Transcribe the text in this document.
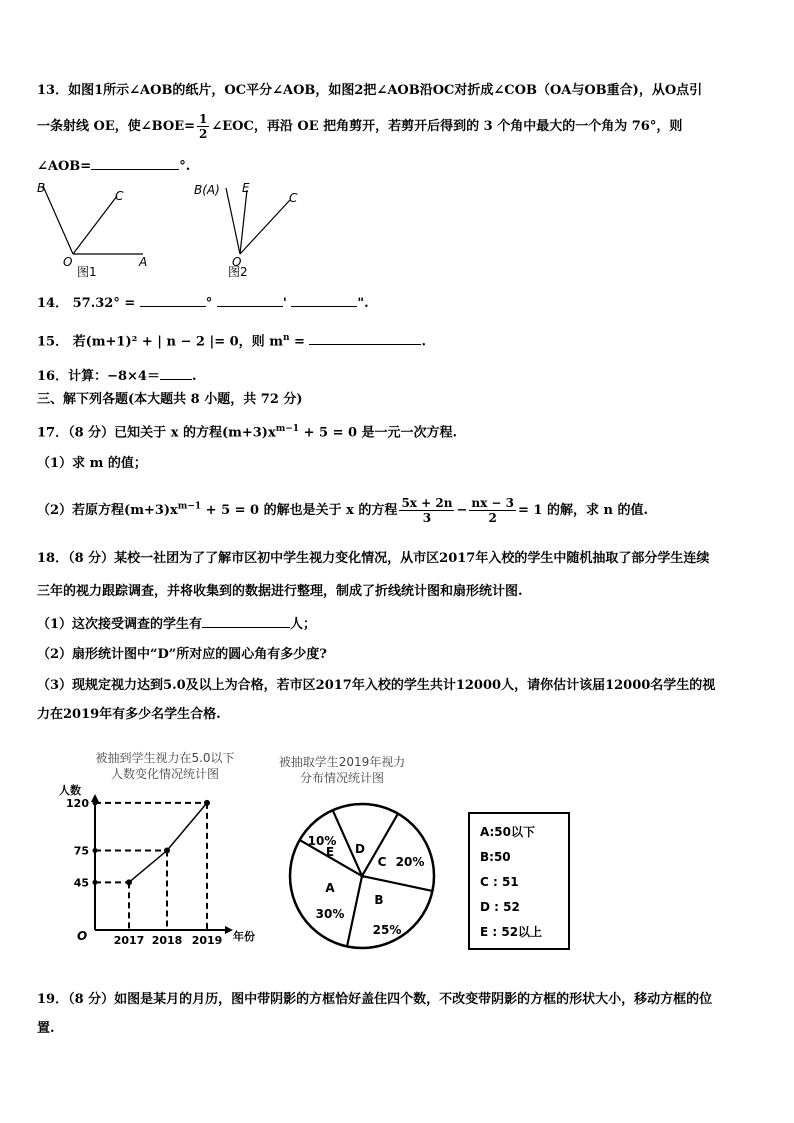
13．如图1所示∠AOB的纸片，OC平分∠AOB，如图2把∠AOB沿OC对折成∠COB（OA与OB重合)，从O点引
一条射线 OE，使∠BOE= $\frac{1}{2}$ ∠EOC，再沿 OE 把角剪开，若剪开后得到的 3 个角中最大的一个角为 76°，则
∠AOB=	°.
B
C
O	A
图1
B(A) E
C
O
图2
14． 57.32° =	°	'	".
15． 若(m+1)² + | n − 2 |= 0，则 $m^n$ =	.
16．计算：−8×4＝ .
三、解下列各题(本大题共 8 小题，共 72 分)
17．（8 分）已知关于 x 的方程$(m+3)x^{m-1} + 5 = 0$ 是一元一次方程.
（1）求 m 的值；
（2）若原方程$(m+3)x^{m-1} + 5 = 0$ 的解也是关于 x 的方程 $\frac{5x + 2n}{3} - \frac{nx - 3}{2} = 1$ 的解，求 n 的值.
18．（8 分）某校一社团为了了解市区初中学生视力变化情况，从市区2017年入校的学生中随机抽取了部分学生连续
三年的视力跟踪调查，并将收集到的数据进行整理，制成了折线统计图和扇形统计图.
（1）这次接受调查的学生有	人；
（2）扇形统计图中“D”所对应的圆心角有多少度?
（3）现规定视力达到5.0及以上为合格，若市区2017年入校的学生共计12000人，请你估计该届12000名学生的视
力在2019年有多少名学生合格.
被抽到学生视力在5.0以下
人数变化情况统计图
人数
年份
O
45
2017
75
2018
120
2019
被抽取学生2019年视力
分布情况统计图
C 20%
B
25%
A
30%
E
10%
D
A:50以下
B:50
C : 51
D : 52
E : 52以上
19．（8 分）如图是某月的月历，图中带阴影的方框恰好盖住四个数，不改变带阴影的方框的形状大小，移动方框的位
置.
